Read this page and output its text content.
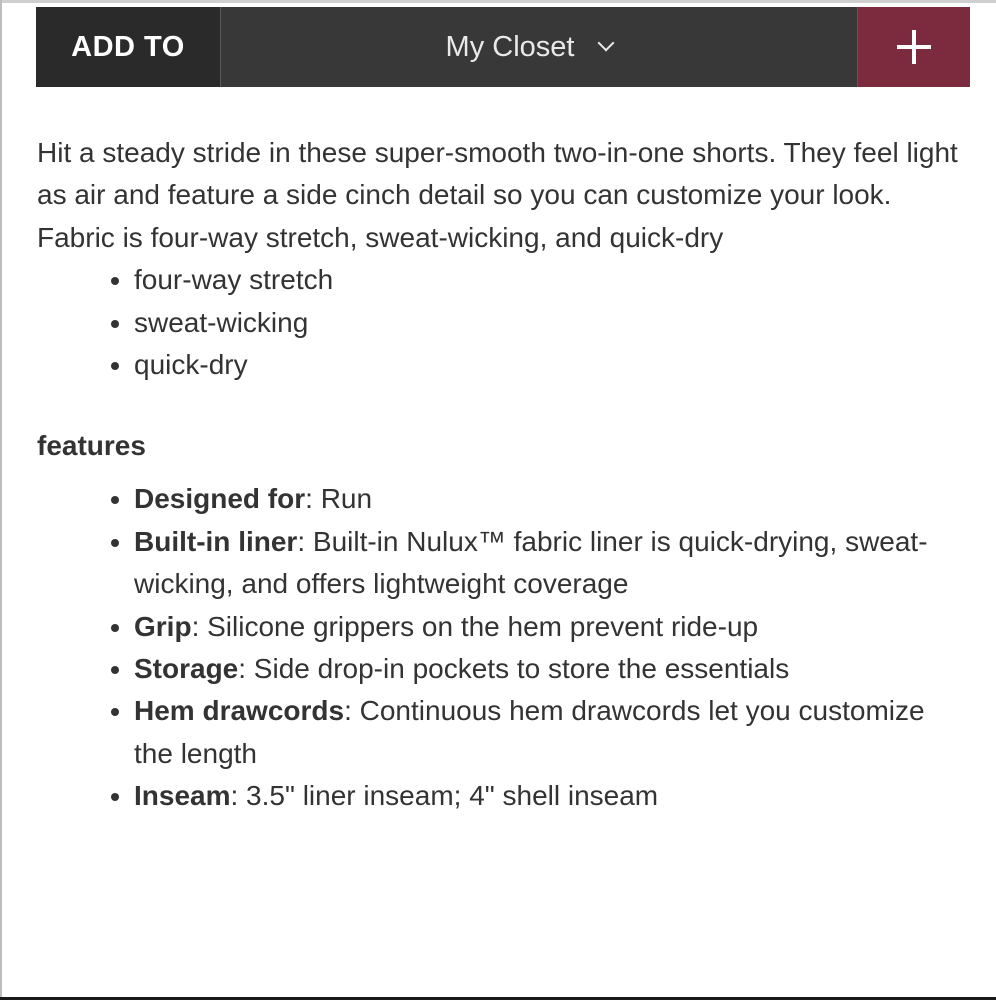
ADD TO	My Closet

Hit a steady stride in these super-smooth two-in-one shorts. They feel light as air and feature a side cinch detail so you can customize your look.

Fabric is four-way stretch, sweat-wicking, and quick-dry

• four-way stretch
• sweat-wicking
• quick-dry
features
• Designed for: Run
• Built-in liner: Built-in Nulux™ fabric liner is quick-drying, sweat-wicking, and offers lightweight coverage
• Grip: Silicone grippers on the hem prevent ride-up
• Storage: Side drop-in pockets to store the essentials
• Hem drawcords: Continuous hem drawcords let you customize the length
• Inseam: 3.5" liner inseam; 4" shell inseam
